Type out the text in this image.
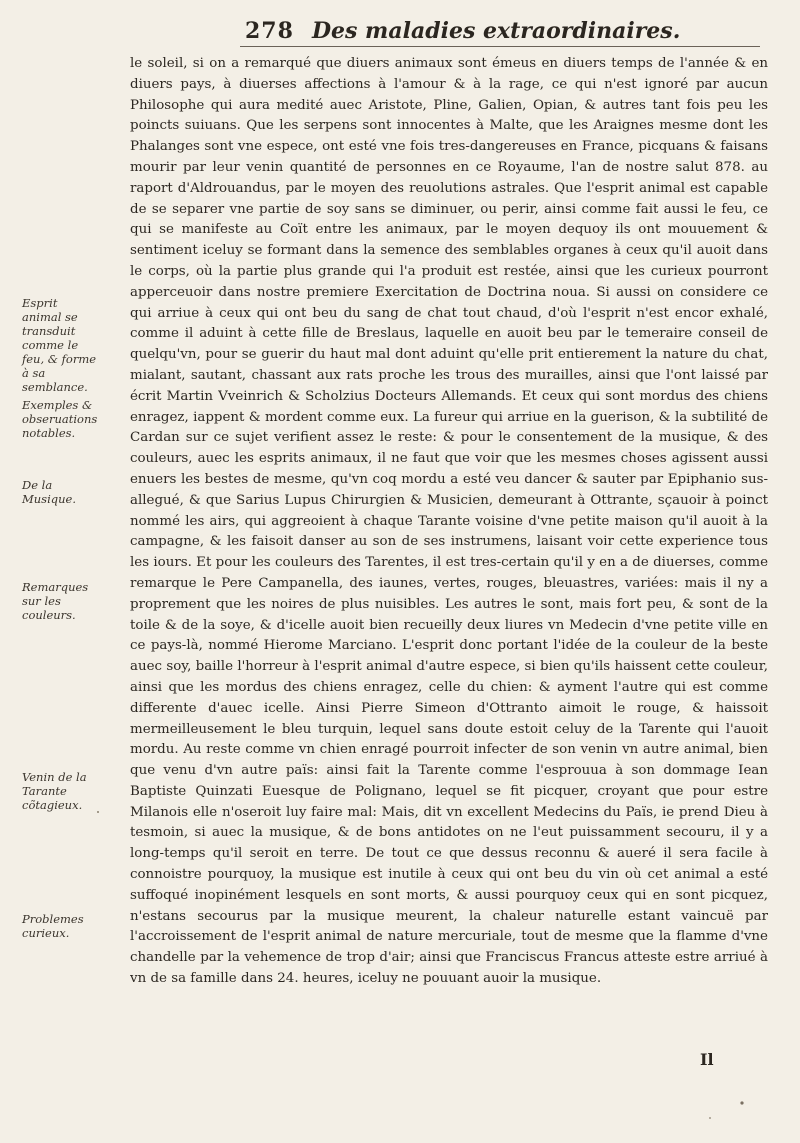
278 Des maladies extraordinaires.
Esprit animal se transduit comme le feu, & forme à sa semblance.
Exemples & obseruations notables.
De la Musique.
Remarques sur les couleurs.
Venin de la Tarante cõtagieux.
Problemes curieux.

le soleil, si on a remarqué que diuers animaux sont émeus en diuers temps de l'année & en diuers pays, à diuerses affections à l'amour & à la rage, ce qui n'est ignoré par aucun Philosophe qui aura medité auec Aristote, Pline, Galien, Opian, & autres tant fois peu les poincts suiuans. Que les serpens sont innocentes à Malte, que les Araignes mesme dont les Phalanges sont vne espece, ont esté vne fois tres-dangereuses en France, picquans & faisans mourir par leur venin quantité de personnes en ce Royaume, l'an de nostre salut 878. au raport d'Aldrouandus, par le moyen des reuolutions astrales. Que l'esprit animal est capable de se separer vne partie de soy sans se diminuer, ou perir, ainsi comme fait aussi le feu, ce qui se manifeste au Coït entre les animaux, par le moyen dequoy ils ont mouuement & sentiment iceluy se formant dans la semence des semblables organes à ceux qu'il auoit dans le corps, où la partie plus grande qui l'a produit est restée, ainsi que les curieux pourront apperceuoir dans nostre premiere Exercitation de Doctrina noua. Si aussi on considere ce qui arriue à ceux qui ont beu du sang de chat tout chaud, d'où l'esprit n'est encor exhalé, comme il aduint à cette fille de Breslaus, laquelle en auoit beu par le temeraire conseil de quelqu'vn, pour se guerir du haut mal dont aduint qu'elle prit entierement la nature du chat, mialant, sautant, chassant aux rats proche les trous des murailles, ainsi que l'ont laissé par écrit Martin Vveinrich & Scholzius Docteurs Allemands. Et ceux qui sont mordus des chiens enragez, iappent & mordent comme eux. La fureur qui arriue en la guerison, & la subtilité de Cardan sur ce sujet verifient assez le reste: & pour le consentement de la musique, & des couleurs, auec les esprits animaux, il ne faut que voir que les mesmes choses agissent aussi enuers les bestes de mesme, qu'vn coq mordu a esté veu dancer & sauter par Epiphanio sus-allegué, & que Sarius Lupus Chirurgien & Musicien, demeurant à Ottrante, sçauoir à poinct nommé les airs, qui aggreoient à chaque Tarante voisine d'vne petite maison qu'il auoit à la campagne, & les faisoit danser au son de ses instrumens, laisant voir cette experience tous les iours. Et pour les couleurs des Tarentes, il est tres-certain qu'il y en a de diuerses, comme remarque le Pere Campanella, des iaunes, vertes, rouges, bleuastres, variées: mais il ny a proprement que les noires de plus nuisibles. Les autres le sont, mais fort peu, & sont de la toile & de la soye, & d'icelle auoit bien recueilly deux liures vn Medecin d'vne petite ville en ce pays-là, nommé Hierome Marciano. L'esprit donc portant l'idée de la couleur de la beste auec soy, baille l'horreur à l'esprit animal d'autre espece, si bien qu'ils haissent cette couleur, ainsi que les mordus des chiens enragez, celle du chien: & ayment l'autre qui est comme differente d'auec icelle. Ainsi Pierre Simeon d'Ottranto aimoit le rouge, & haissoit mermeilleusement le bleu turquin, lequel sans doute estoit celuy de la Tarente qui l'auoit mordu. Au reste comme vn chien enragé pourroit infecter de son venin vn autre animal, bien que venu d'vn autre païs: ainsi fait la Tarente comme l'esprouua à son dommage Iean Baptiste Quinzati Euesque de Polignano, lequel se fit picquer, croyant que pour estre Milanois elle n'oseroit luy faire mal: Mais, dit vn excellent Medecins du Païs, ie prend Dieu à tesmoin, si auec la musique, & de bons antidotes on ne l'eut puissamment secouru, il y a long-temps qu'il seroit en terre. De tout ce que dessus reconnu & aueré il sera facile à connoistre pourquoy, la musique est inutile à ceux qui ont beu du vin où cet animal a esté suffoqué inopinément lesquels en sont morts, & aussi pourquoy ceux qui en sont picquez, n'estans secourus par la musique meurent, la chaleur naturelle estant vaincuë par l'accroissement de l'esprit animal de nature mercuriale, tout de mesme que la flamme d'vne chandelle par la vehemence de trop d'air; ainsi que Franciscus Francus atteste estre arriué à vn de sa famille dans 24. heures, iceluy ne pouuant auoir la musique.

Il
